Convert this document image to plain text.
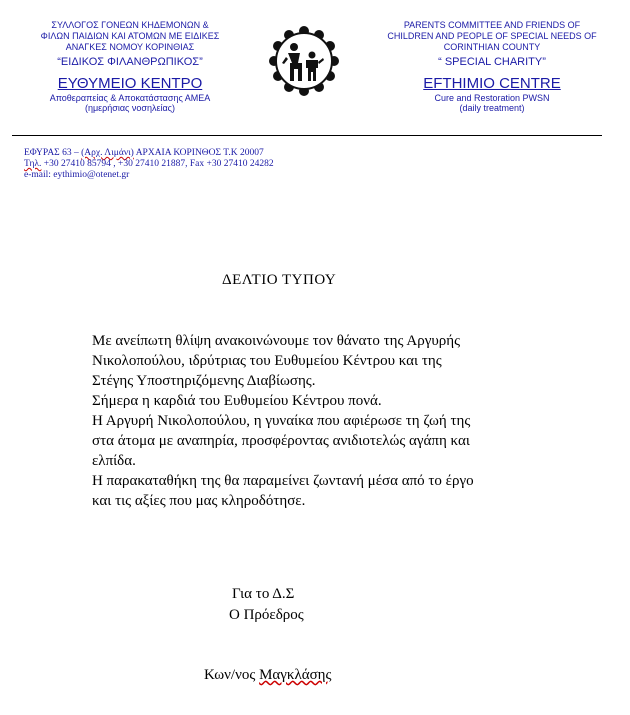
ΣΥΛΛΟΓΟΣ ΓΟΝΕΩΝ ΚΗΔΕΜΟΝΩΝ &
ΦΙΛΩΝ ΠΑΙΔΙΩΝ ΚΑΙ ΑΤΟΜΩΝ ΜΕ ΕΙΔΙΚΕΣ
ΑΝΑΓΚΕΣ ΝΟΜΟΥ ΚΟΡΙΝΘΙΑΣ
“ΕΙΔΙΚΟΣ ΦΙΛΑΝΘΡΩΠΙΚΟΣ”
ΕΥΘΥΜΕΙΟ ΚΕΝΤΡΟ
Αποθεραπείας & Αποκατάστασης ΑΜΕΑ
(ημερήσιας νοσηλείας)
PARENTS COMMITTEE AND FRIENDS OF
CHILDREN AND PEOPLE OF SPECIAL NEEDS OF
CORINTHIAN COUNTY
“ SPECIAL CHARITY”
EFTHIMIO CENTRE
Cure and Restoration PWSN
(daily treatment)
ΕΦΥΡΑΣ 63 – (Αρχ. Λιμάνι) ΑΡΧΑΙΑ ΚΟΡΙΝΘΟΣ Τ.Κ 20007
Τηλ. +30 27410 85794 , +30 27410 21887, Fax +30 27410 24282
e-mail: eythimio@otenet.gr
ΔΕΛΤΙΟ ΤΥΠΟΥ
Με ανείπωτη θλίψη ανακοινώνουμε τον θάνατο της Αργυρής
Νικολοπούλου, ιδρύτριας του Ευθυμείου Κέντρου και της
Στέγης Υποστηριζόμενης Διαβίωσης.
Σήμερα η καρδιά του Ευθυμείου Κέντρου πονά.
Η Αργυρή Νικολοπούλου, η γυναίκα που αφιέρωσε τη ζωή της
στα άτομα με αναπηρία, προσφέροντας ανιδιοτελώς αγάπη και
ελπίδα.
Η παρακαταθήκη της θα παραμείνει ζωντανή μέσα από το έργο
και τις αξίες που μας κληροδότησε.
Για το Δ.Σ
Ο Πρόεδρος
Κων/νος Μαγκλάσης
